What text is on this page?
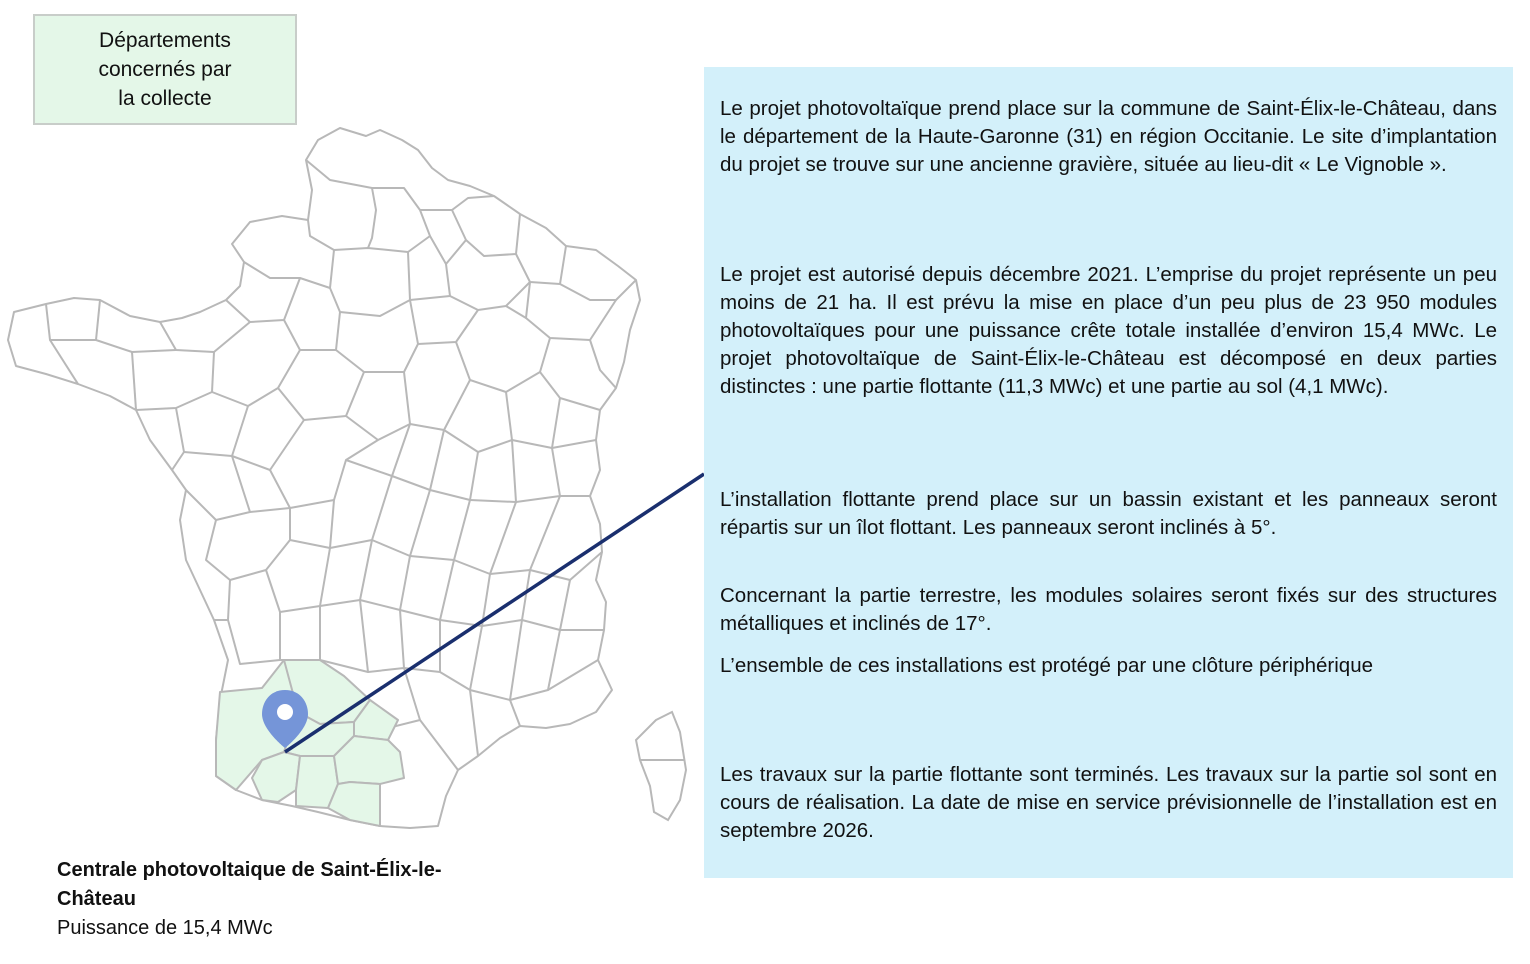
Départements
concernés par
la collecte	Le projet photovoltaïque prend place sur la commune de Saint-Élix-le-Château, dans le département de la Haute-Garonne (31) en région Occitanie. Le site d’implantation du projet se trouve sur une ancienne gravière, située au lieu-dit « Le Vignoble ».

Le projet est autorisé depuis décembre 2021. L’emprise du projet représente un peu moins de 21 ha. Il est prévu la mise en place d’un peu plus de 23 950 modules photovoltaïques pour une puissance crête totale installée d’environ 15,4 MWc. Le projet photovoltaïque de Saint-Élix-le-Château est décomposé en deux parties distinctes : une partie flottante (11,3 MWc) et une partie au sol (4,1 MWc).

L’installation flottante prend place sur un bassin existant et les panneaux seront répartis sur un îlot flottant. Les panneaux seront inclinés à 5°.

Concernant la partie terrestre, les modules solaires seront fixés sur des structures métalliques et inclinés de 17°.

L’ensemble de ces installations est protégé par une clôture périphérique

Les travaux sur la partie flottante sont terminés. Les travaux sur la partie sol sont en cours de réalisation. La date de mise en service prévisionnelle de l’installation est en septembre 2026.

Centrale photovoltaique de Saint-Élix-le-Château
Puissance de 15,4 MWc
